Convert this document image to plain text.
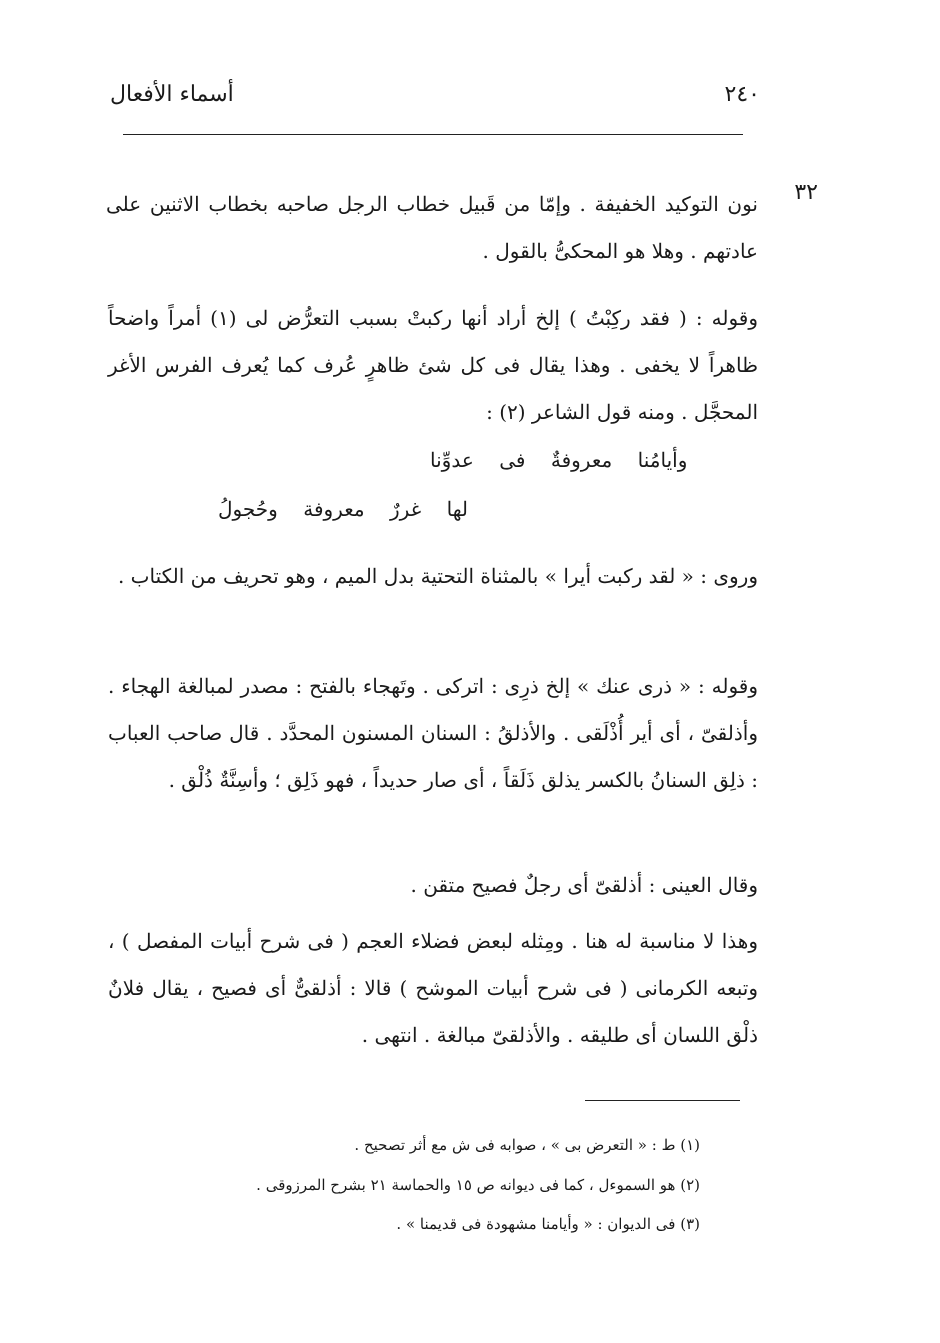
٢٤٠
أسماء الأفعال
٣٢
نون التوكيد الخفيفة . وإمّا من قَبيل خطاب الرجل صاحبه بخطاب الاثنين على عادتهم . وهلا هو المحكىُّ بالقول .
وقوله : ( فقد ركِبْتُ ) إلخ أراد أنها ركبتْ بسبب التعرُّض لى (١) أمراً واضحاً ظاهراً لا يخفى . وهذا يقال فى كل شئ ظاهرٍ عُرف كما يُعرف الفرس الأغر المحجَّل . ومنه قول الشاعر (٢) :
وأيامُنا    معروفةٌ    فى    عدوِّنا
لها    غررٌ    معروفة    وحُجولُ
وروى : « لقد ركبت أيرا » بالمثناة التحتية بدل الميم ، وهو تحريف من الكتاب .
وقوله : « ذرى عنك » إلخ ذرِى : اتركى . وتَهجاء بالفتح : مصدر لمبالغة الهجاء . وأذلقىّ ، أى أير أُذْلَقى . والأذلقُ : السنان المسنون المحدَّد . قال صاحب العباب : ذلِق السنانُ بالكسر يذلق ذَلَقاً ، أى صار حديداً ، فهو ذَلِق ؛ وأسِنَّةٌ ذُلْق .
وقال العينى : أذلقىّ أى رجلٌ فصيح متقن .
وهذا لا مناسبة له هنا . ومِثله لبعض فضلاء العجم ( فى شرح أبيات المفصل ) ، وتبعه الكرمانى ( فى شرح أبيات الموشح ) قالا : أذلقىٌّ أى فصيح ، يقال فلانٌ ذلْق اللسان أى طليقه . والأذلقىّ مبالغة . انتهى .
(١) ط : « التعرض بى » ، صوابه فى ش مع أثر تصحيح .
(٢) هو السموءل ، كما فى ديوانه ص ١٥ والحماسة ٢١ بشرح المرزوقى .
(٣) فى الديوان : « وأيامنا مشهودة فى قديمنا » .
